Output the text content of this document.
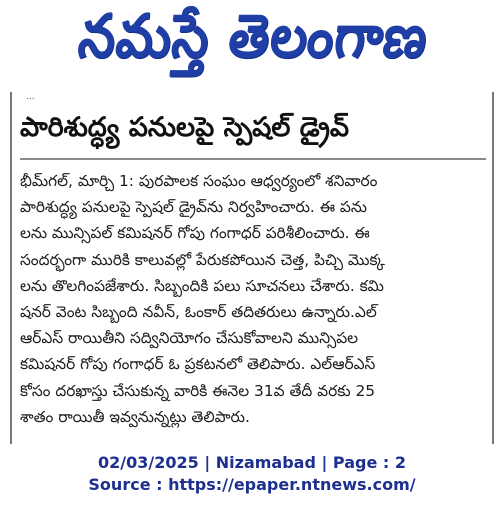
నమస్తే తెలంగాణ
...
పారిశుద్ధ్య పనులపై స్పెషల్ డ్రైవ్
భీమ్‌గల్, మార్చి 1: పురపాలక సంఘం ఆధ్వర్యంలో శనివారం
పారిశుద్ధ్య పనులపై స్పెషల్ డ్రైవ్‌ను నిర్వహించారు. ఈ పను
లను మున్సిపల్ కమిషనర్ గోపు గంగాధర్ పరిశీలించారు. ఈ
సందర్భంగా మురికి కాలువల్లో పేరుకపోయిన చెత్త, పిచ్చి మొక్క
లను తొలగింపజేశారు. సిబ్బందికి పలు సూచనలు చేశారు. కమి
షనర్ వెంట సిబ్బంది నవీన్, ఓంకార్ తదితరులు ఉన్నారు.ఎల్
ఆర్ఎస్ రాయితీని సద్వినియోగం చేసుకోవాలని మున్సిపల
కమిషనర్ గోపు గంగాధర్ ఓ ప్రకటనలో తెలిపారు. ఎల్ఆర్ఎస్
కోసం దరఖాస్తు చేసుకున్న వారికి ఈనెల 31వ తేదీ వరకు 25
శాతం రాయితీ ఇవ్వనున్నట్లు తెలిపారు.
02/03/2025 | Nizamabad | Page : 2
Source : https://epaper.ntnews.com/
